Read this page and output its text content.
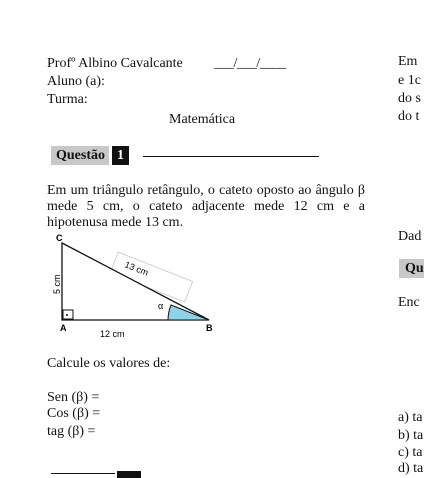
Profº Albino Cavalcante ___/___/____
Aluno (a):
Turma:
Matemática
Questão 1
Em um triângulo retângulo, o cateto oposto ao ângulo β mede 5 cm, o cateto adjacente mede 12 cm e a hipotenusa mede 13 cm.
C
A	B
12 cm
α
5 cm
13 cm
Calcule os valores de:
Sen (β) =
Cos (β) =
tag (β) =
Em
e 1c
do s
do t
Dad
Qu
Enc
a) ta
b) ta
c) ta
d) ta
